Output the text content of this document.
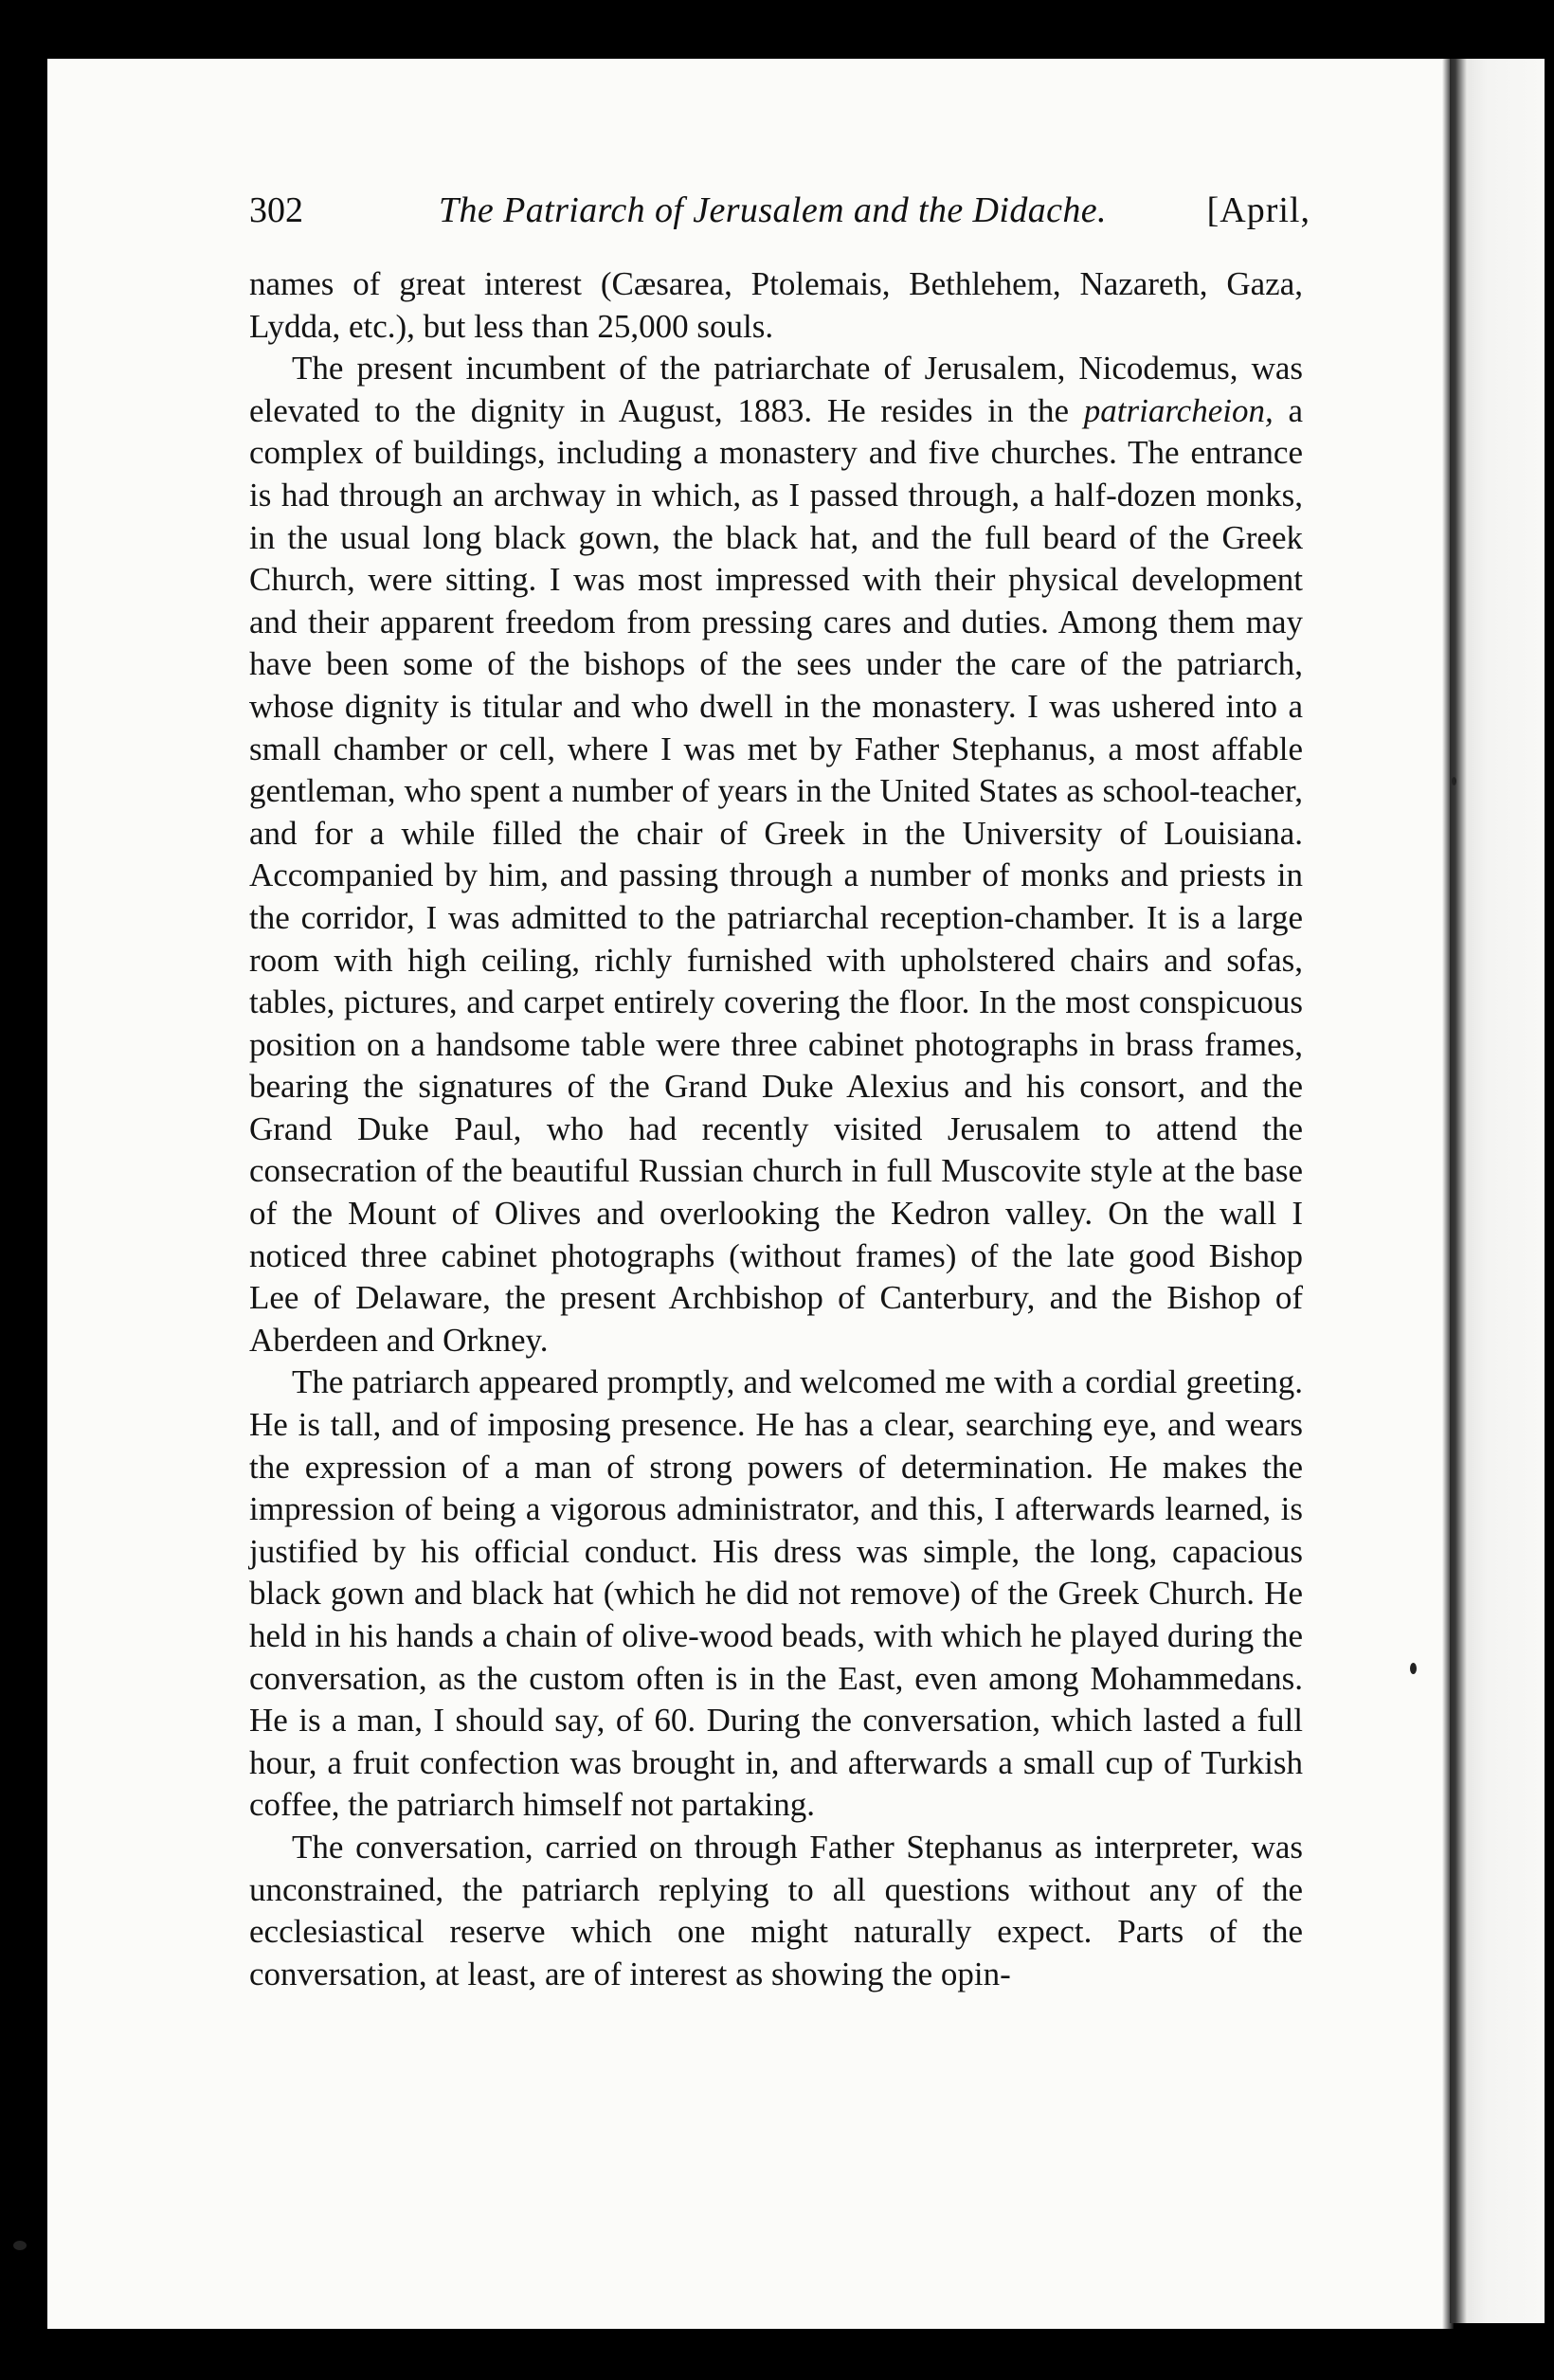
302	The Patriarch of Jerusalem and the Didache.	[April,

names of great interest (Cæsarea, Ptolemais, Bethlehem, Nazareth, Gaza, Lydda, etc.), but less than 25,000 souls.

The present incumbent of the patriarchate of Jerusalem, Nicodemus, was elevated to the dignity in August, 1883. He resides in the patriarcheion, a complex of buildings, including a monastery and five churches. The entrance is had through an archway in which, as I passed through, a half-dozen monks, in the usual long black gown, the black hat, and the full beard of the Greek Church, were sitting. I was most impressed with their physical development and their apparent freedom from pressing cares and duties. Among them may have been some of the bishops of the sees under the care of the patriarch, whose dignity is titular and who dwell in the monastery. I was ushered into a small chamber or cell, where I was met by Father Stephanus, a most affable gentleman, who spent a number of years in the United States as school-teacher, and for a while filled the chair of Greek in the University of Louisiana. Accompanied by him, and passing through a number of monks and priests in the corridor, I was admitted to the patriarchal reception-chamber. It is a large room with high ceiling, richly furnished with upholstered chairs and sofas, tables, pictures, and carpet entirely covering the floor. In the most conspicuous position on a handsome table were three cabinet photographs in brass frames, bearing the signatures of the Grand Duke Alexius and his consort, and the Grand Duke Paul, who had recently visited Jerusalem to attend the consecration of the beautiful Russian church in full Muscovite style at the base of the Mount of Olives and overlooking the Kedron valley. On the wall I noticed three cabinet photographs (without frames) of the late good Bishop Lee of Delaware, the present Archbishop of Canterbury, and the Bishop of Aberdeen and Orkney.

The patriarch appeared promptly, and welcomed me with a cordial greeting. He is tall, and of imposing presence. He has a clear, searching eye, and wears the expression of a man of strong powers of determination. He makes the impression of being a vigorous administrator, and this, I afterwards learned, is justified by his official conduct. His dress was simple, the long, capacious black gown and black hat (which he did not remove) of the Greek Church. He held in his hands a chain of olive-wood beads, with which he played during the conversation, as the custom often is in the East, even among Mohammedans. He is a man, I should say, of 60. During the conversation, which lasted a full hour, a fruit confection was brought in, and afterwards a small cup of Turkish coffee, the patriarch himself not partaking.

The conversation, carried on through Father Stephanus as interpreter, was unconstrained, the patriarch replying to all questions without any of the ecclesiastical reserve which one might naturally expect. Parts of the conversation, at least, are of interest as showing the opin-
